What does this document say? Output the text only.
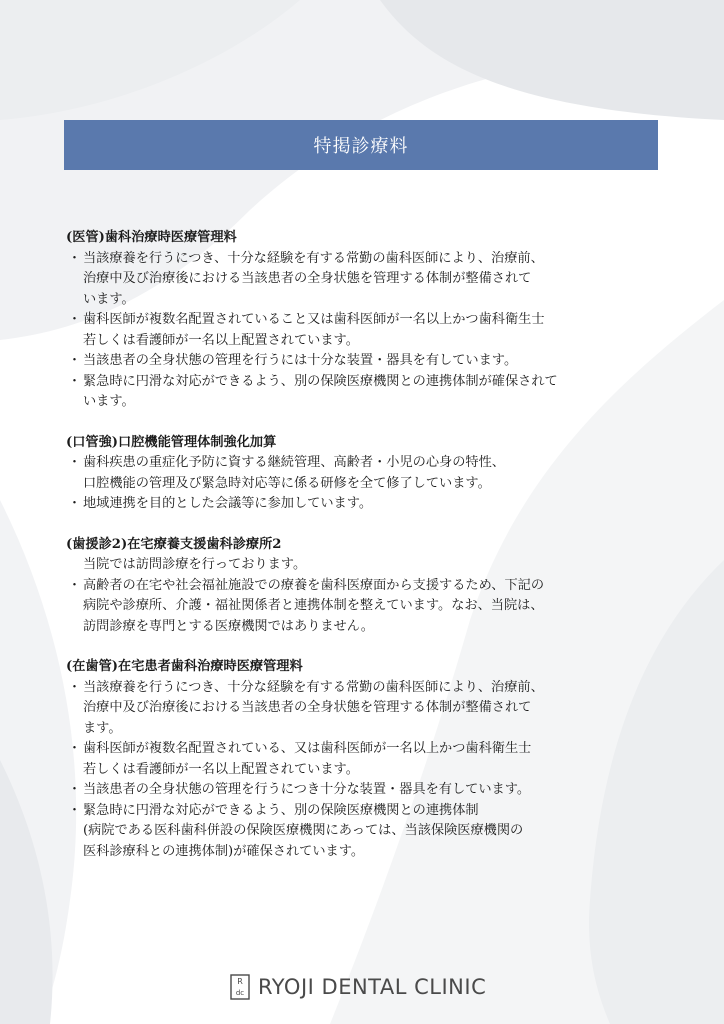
特掲診療料
(医管)歯科治療時医療管理料
・ 当該療養を行うにつき、十分な経験を有する常勤の歯科医師により、治療前、
治療中及び治療後における当該患者の全身状態を管理する体制が整備されて
います。
・ 歯科医師が複数名配置されていること又は歯科医師が一名以上かつ歯科衛生士
若しくは看護師が一名以上配置されています。
・ 当該患者の全身状態の管理を行うには十分な装置・器具を有しています。
・ 緊急時に円滑な対応ができるよう、別の保険医療機関との連携体制が確保されて
います。
(口管強)口腔機能管理体制強化加算
・ 歯科疾患の重症化予防に資する継続管理、高齢者・小児の心身の特性、
口腔機能の管理及び緊急時対応等に係る研修を全て修了しています。
・ 地域連携を目的とした会議等に参加しています。
(歯援診2)在宅療養支援歯科診療所2
当院では訪問診療を行っております。
・ 高齢者の在宅や社会福祉施設での療養を歯科医療面から支援するため、下記の
病院や診療所、介護・福祉関係者と連携体制を整えています。なお、当院は、
訪問診療を専門とする医療機関ではありません。
(在歯管)在宅患者歯科治療時医療管理料
・ 当該療養を行うにつき、十分な経験を有する常勤の歯科医師により、治療前、
治療中及び治療後における当該患者の全身状態を管理する体制が整備されて
ます。
・ 歯科医師が複数名配置されている、又は歯科医師が一名以上かつ歯科衛生士
若しくは看護師が一名以上配置されています。
・ 当該患者の全身状態の管理を行うにつき十分な装置・器具を有しています。
・ 緊急時に円滑な対応ができるよう、別の保険医療機関との連携体制
(病院である医科歯科併設の保険医療機関にあっては、当該保険医療機関の
医科診療科との連携体制)が確保されています。
R
dc RYOJI DENTAL CLINIC
